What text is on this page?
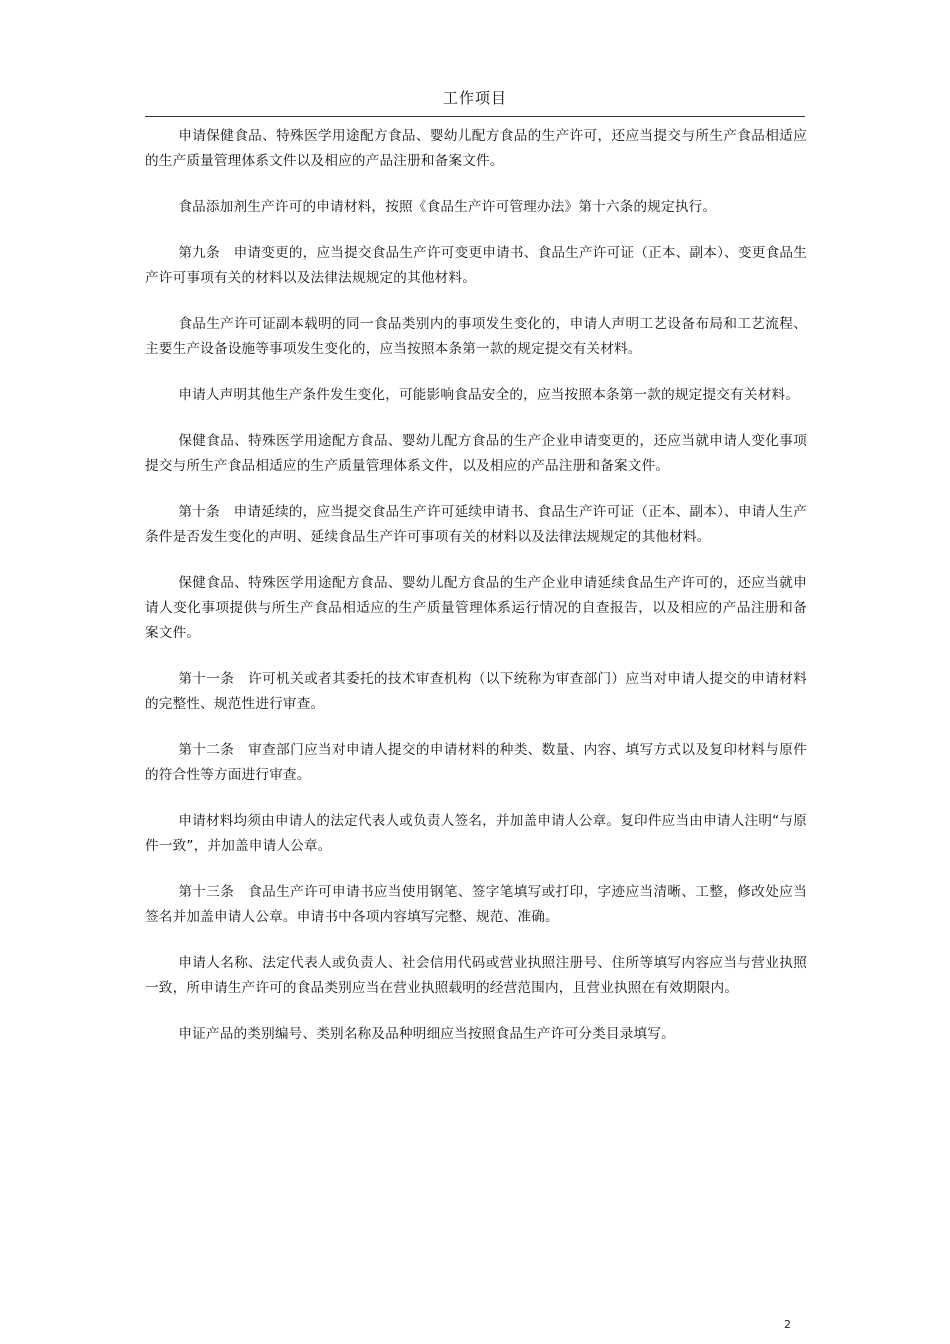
工作项目

申请保健食品、特殊医学用途配方食品、婴幼儿配方食品的生产许可，还应当提交与所生产食品相适应的生产质量管理体系文件以及相应的产品注册和备案文件。

食品添加剂生产许可的申请材料，按照《食品生产许可管理办法》第十六条的规定执行。

第九条　申请变更的，应当提交食品生产许可变更申请书、食品生产许可证（正本、副本）、变更食品生产许可事项有关的材料以及法律法规规定的其他材料。

食品生产许可证副本载明的同一食品类别内的事项发生变化的，申请人声明工艺设备布局和工艺流程、主要生产设备设施等事项发生变化的，应当按照本条第一款的规定提交有关材料。

申请人声明其他生产条件发生变化，可能影响食品安全的，应当按照本条第一款的规定提交有关材料。

保健食品、特殊医学用途配方食品、婴幼儿配方食品的生产企业申请变更的，还应当就申请人变化事项提交与所生产食品相适应的生产质量管理体系文件，以及相应的产品注册和备案文件。

第十条　申请延续的，应当提交食品生产许可延续申请书、食品生产许可证（正本、副本）、申请人生产条件是否发生变化的声明、延续食品生产许可事项有关的材料以及法律法规规定的其他材料。

保健食品、特殊医学用途配方食品、婴幼儿配方食品的生产企业申请延续食品生产许可的，还应当就申请人变化事项提供与所生产食品相适应的生产质量管理体系运行情况的自查报告，以及相应的产品注册和备案文件。

第十一条　许可机关或者其委托的技术审查机构（以下统称为审查部门）应当对申请人提交的申请材料的完整性、规范性进行审查。

第十二条　审查部门应当对申请人提交的申请材料的种类、数量、内容、填写方式以及复印材料与原件的符合性等方面进行审查。

申请材料均须由申请人的法定代表人或负责人签名，并加盖申请人公章。复印件应当由申请人注明“与原件一致”，并加盖申请人公章。

第十三条　食品生产许可申请书应当使用钢笔、签字笔填写或打印，字迹应当清晰、工整，修改处应当签名并加盖申请人公章。申请书中各项内容填写完整、规范、准确。

申请人名称、法定代表人或负责人、社会信用代码或营业执照注册号、住所等填写内容应当与营业执照一致，所申请生产许可的食品类别应当在营业执照载明的经营范围内，且营业执照在有效期限内。

申证产品的类别编号、类别名称及品种明细应当按照食品生产许可分类目录填写。

2
